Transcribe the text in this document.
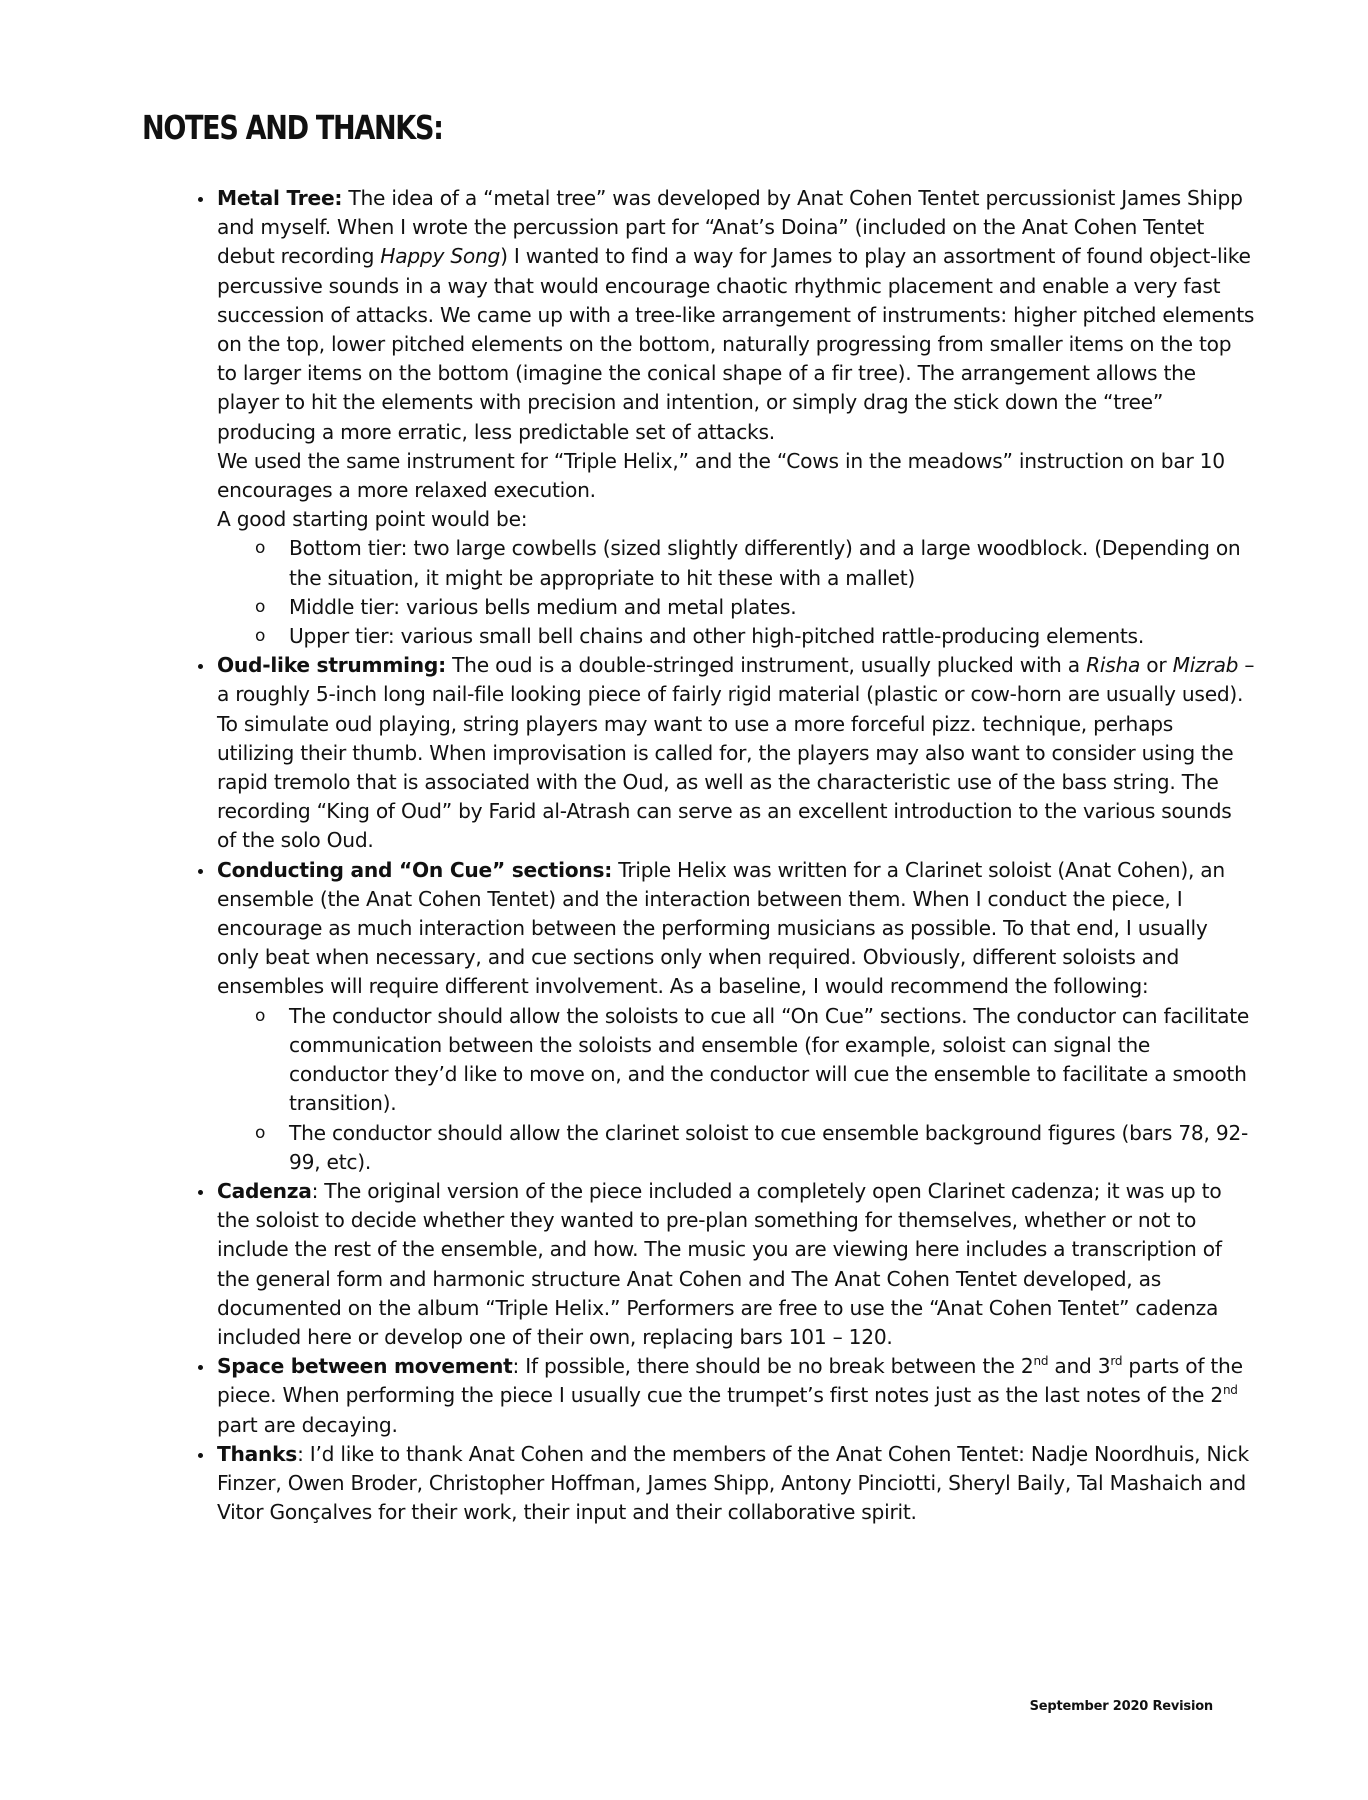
NOTES AND THANKS:
• Metal Tree: The idea of a “metal tree” was developed by Anat Cohen Tentet percussionist James Shipp and myself. When I wrote the percussion part for “Anat’s Doina” (included on the Anat Cohen Tentet debut recording Happy Song) I wanted to find a way for James to play an assortment of found object-like percussive sounds in a way that would encourage chaotic rhythmic placement and enable a very fast succession of attacks. We came up with a tree-like arrangement of instruments: higher pitched elements on the top, lower pitched elements on the bottom, naturally progressing from smaller items on the top to larger items on the bottom (imagine the conical shape of a fir tree). The arrangement allows the player to hit the elements with precision and intention, or simply drag the stick down the “tree” producing a more erratic, less predictable set of attacks.
We used the same instrument for “Triple Helix,” and the “Cows in the meadows” instruction on bar 10 encourages a more relaxed execution.
A good starting point would be:
o Bottom tier: two large cowbells (sized slightly differently) and a large woodblock. (Depending on the situation, it might be appropriate to hit these with a mallet)
o Middle tier: various bells medium and metal plates.
o Upper tier: various small bell chains and other high-pitched rattle-producing elements.
• Oud-like strumming: The oud is a double-stringed instrument, usually plucked with a Risha or Mizrab – a roughly 5-inch long nail-file looking piece of fairly rigid material (plastic or cow-horn are usually used). To simulate oud playing, string players may want to use a more forceful pizz. technique, perhaps utilizing their thumb. When improvisation is called for, the players may also want to consider using the rapid tremolo that is associated with the Oud, as well as the characteristic use of the bass string. The recording “King of Oud” by Farid al-Atrash can serve as an excellent introduction to the various sounds of the solo Oud.
• Conducting and “On Cue” sections: Triple Helix was written for a Clarinet soloist (Anat Cohen), an ensemble (the Anat Cohen Tentet) and the interaction between them. When I conduct the piece, I encourage as much interaction between the performing musicians as possible. To that end, I usually only beat when necessary, and cue sections only when required. Obviously, different soloists and ensembles will require different involvement. As a baseline, I would recommend the following:
o The conductor should allow the soloists to cue all “On Cue” sections. The conductor can facilitate communication between the soloists and ensemble (for example, soloist can signal the conductor they’d like to move on, and the conductor will cue the ensemble to facilitate a smooth transition).
o The conductor should allow the clarinet soloist to cue ensemble background figures (bars 78, 92-99, etc).
• Cadenza: The original version of the piece included a completely open Clarinet cadenza; it was up to the soloist to decide whether they wanted to pre-plan something for themselves, whether or not to include the rest of the ensemble, and how. The music you are viewing here includes a transcription of the general form and harmonic structure Anat Cohen and The Anat Cohen Tentet developed, as documented on the album “Triple Helix.” Performers are free to use the “Anat Cohen Tentet” cadenza included here or develop one of their own, replacing bars 101 – 120.
• Space between movement: If possible, there should be no break between the 2nd and 3rd parts of the piece. When performing the piece I usually cue the trumpet’s first notes just as the last notes of the 2nd part are decaying.
• Thanks: I’d like to thank Anat Cohen and the members of the Anat Cohen Tentet: Nadje Noordhuis, Nick Finzer, Owen Broder, Christopher Hoffman, James Shipp, Antony Pinciotti, Sheryl Baily, Tal Mashaich and Vitor Gonçalves for their work, their input and their collaborative spirit.
September 2020 Revision
